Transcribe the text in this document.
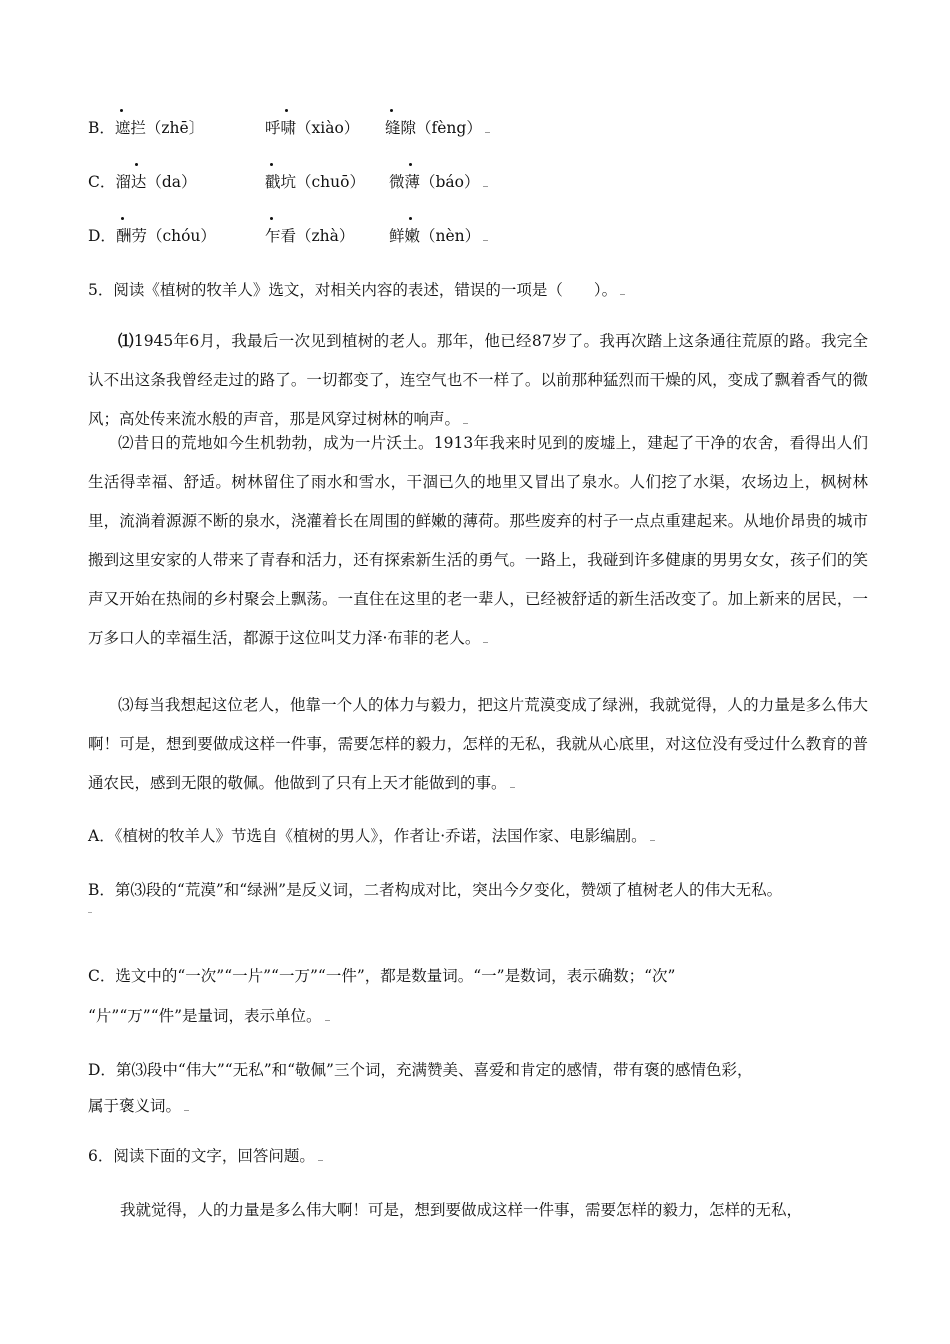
B．
遮拦（zhē〕	呼啸（xiào） 缝隙（fèng）
C．
溜达（da）	戳坑（chuō） 微薄（báo）
D．
酬劳（chóu）	乍看（zhà） 鲜嫩（nèn）
5．阅读《植树的牧羊人》选文，对相关内容的表述，错误的一项是（　　）。
⑴1945年6月，我最后一次见到植树的老人。那年，他已经87岁了。我再次踏上这条通往荒原的路。我完全认不出这条我曾经走过的路了。一切都变了，连空气也不一样了。以前那种猛烈而干燥的风，变成了飘着香气的微风；高处传来流水般的声音，那是风穿过树林的响声。
⑵昔日的荒地如今生机勃勃，成为一片沃土。1913年我来时见到的废墟上，建起了干净的农舍，看得出人们生活得幸福、舒适。树林留住了雨水和雪水，干涸已久的地里又冒出了泉水。人们挖了水渠，农场边上，枫树林里，流淌着源源不断的泉水，浇灌着长在周围的鲜嫩的薄荷。那些废弃的村子一点点重建起来。从地价昂贵的城市搬到这里安家的人带来了青春和活力，还有探索新生活的勇气。一路上，我碰到许多健康的男男女女，孩子们的笑声又开始在热闹的乡村聚会上飘荡。一直住在这里的老一辈人，已经被舒适的新生活改变了。加上新来的居民，一万多口人的幸福生活，都源于这位叫艾力泽·布菲的老人。
⑶每当我想起这位老人，他靠一个人的体力与毅力，把这片荒漠变成了绿洲，我就觉得，人的力量是多么伟大啊！可是，想到要做成这样一件事，需要怎样的毅力，怎样的无私，我就从心底里，对这位没有受过什么教育的普通农民，感到无限的敬佩。他做到了只有上天才能做到的事。
A．《植树的牧羊人》节选自《植树的男人》，作者让·乔诺，法国作家、电影编剧。
B．第⑶段的“荒漠”和“绿洲”是反义词，二者构成对比，突出今夕变化，赞颂了植树老人的伟大无私。
C．选文中的“一次”“一片”“一万”“一件”，都是数量词。“一”是数词，表示确数；“次”
“片”“万”“件”是量词，表示单位。
D．第⑶段中“伟大”“无私”和“敬佩”三个词，充满赞美、喜爱和肯定的感情，带有褒的感情色彩，
属于褒义词。
6．阅读下面的文字，回答问题。
我就觉得，人的力量是多么伟大啊！可是，想到要做成这样一件事，需要怎样的毅力，怎样的无私，
